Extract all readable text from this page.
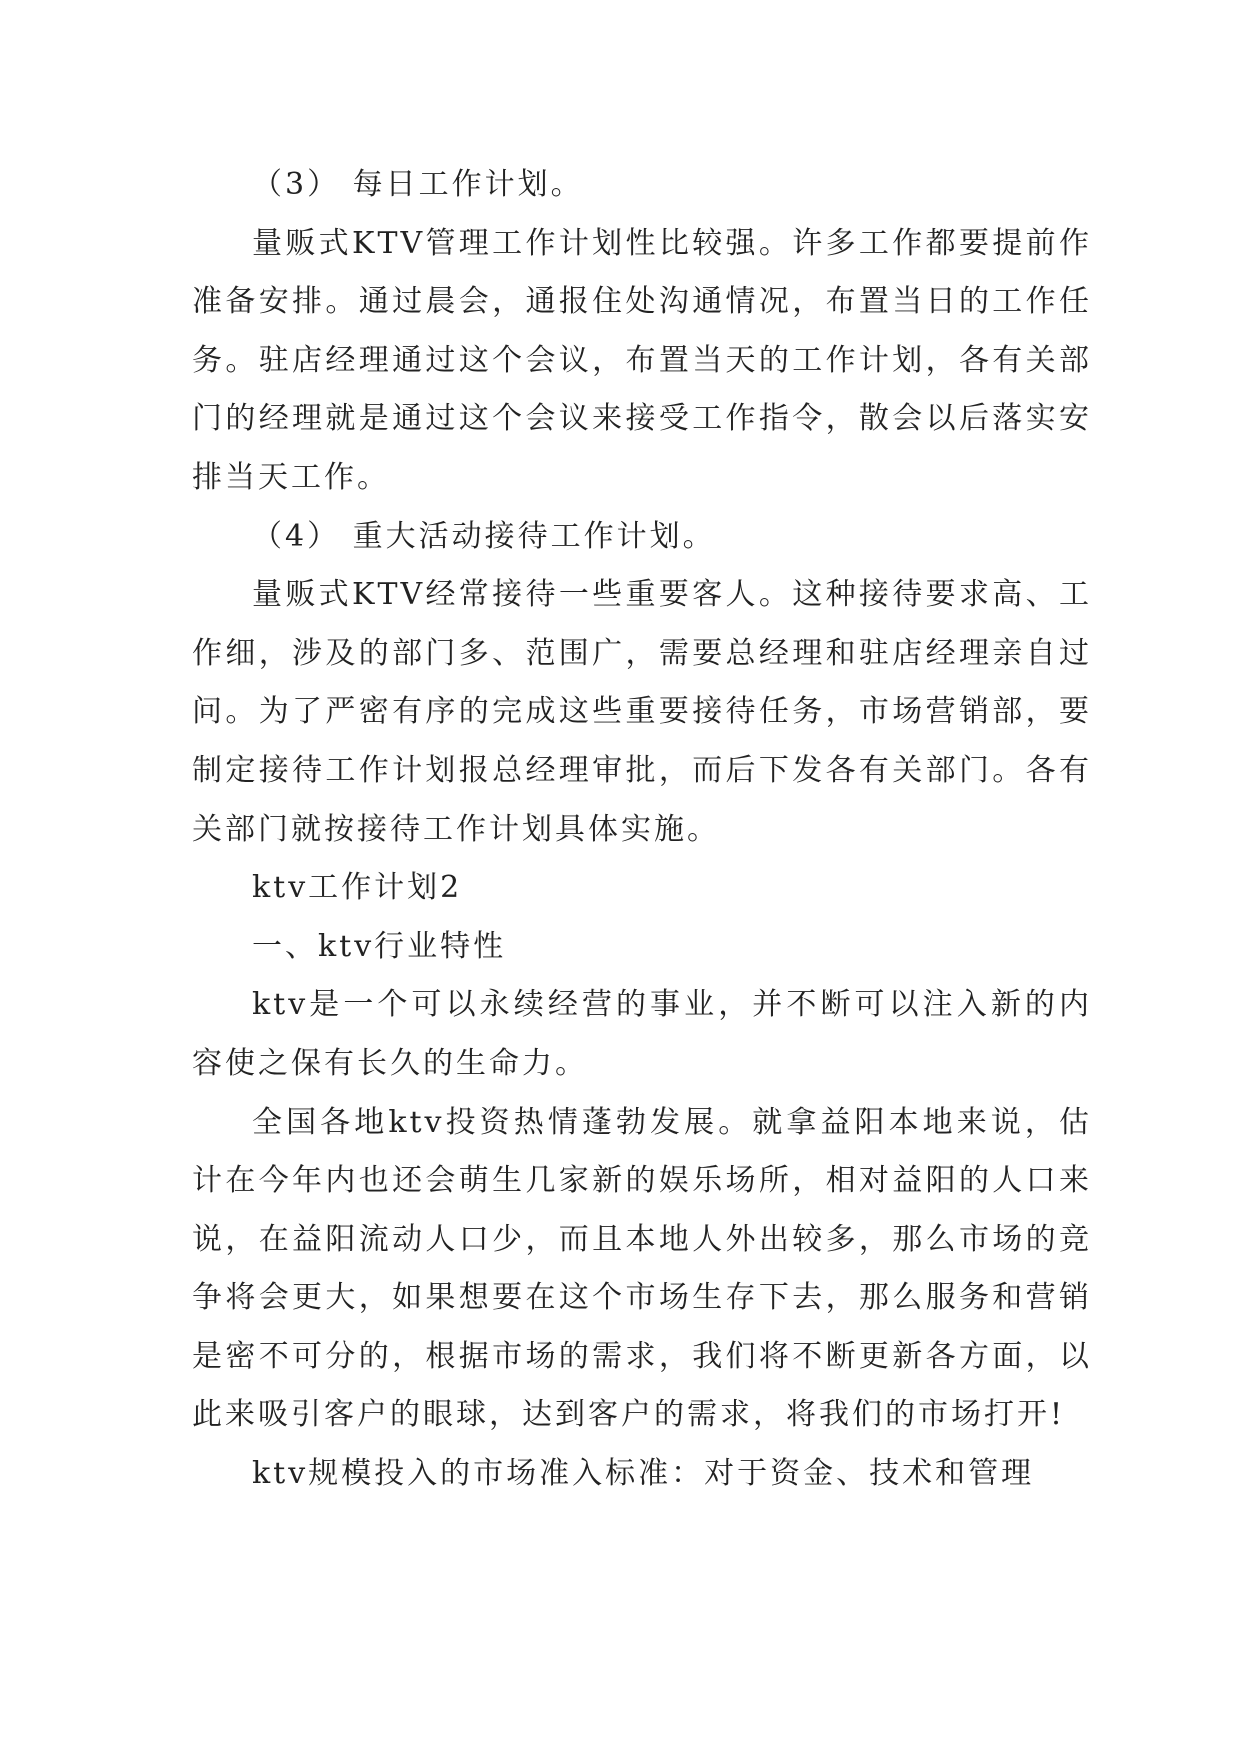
（3） 每日工作计划。

量贩式KTV管理工作计划性比较强。许多工作都要提前作准备安排。通过晨会，通报住处沟通情况，布置当日的工作任务。驻店经理通过这个会议，布置当天的工作计划，各有关部门的经理就是通过这个会议来接受工作指令，散会以后落实安排当天工作。

（4） 重大活动接待工作计划。

量贩式KTV经常接待一些重要客人。这种接待要求高、工作细，涉及的部门多、范围广，需要总经理和驻店经理亲自过问。为了严密有序的完成这些重要接待任务，市场营销部，要制定接待工作计划报总经理审批，而后下发各有关部门。各有关部门就按接待工作计划具体实施。

ktv工作计划2

一、ktv行业特性

ktv是一个可以永续经营的事业，并不断可以注入新的内容使之保有长久的生命力。

全国各地ktv投资热情蓬勃发展。就拿益阳本地来说，估计在今年内也还会萌生几家新的娱乐场所，相对益阳的人口来说，在益阳流动人口少，而且本地人外出较多，那么市场的竞争将会更大，如果想要在这个市场生存下去，那么服务和营销是密不可分的，根据市场的需求，我们将不断更新各方面，以此来吸引客户的眼球，达到客户的需求，将我们的市场打开!

ktv规模投入的市场准入标准：对于资金、技术和管理
